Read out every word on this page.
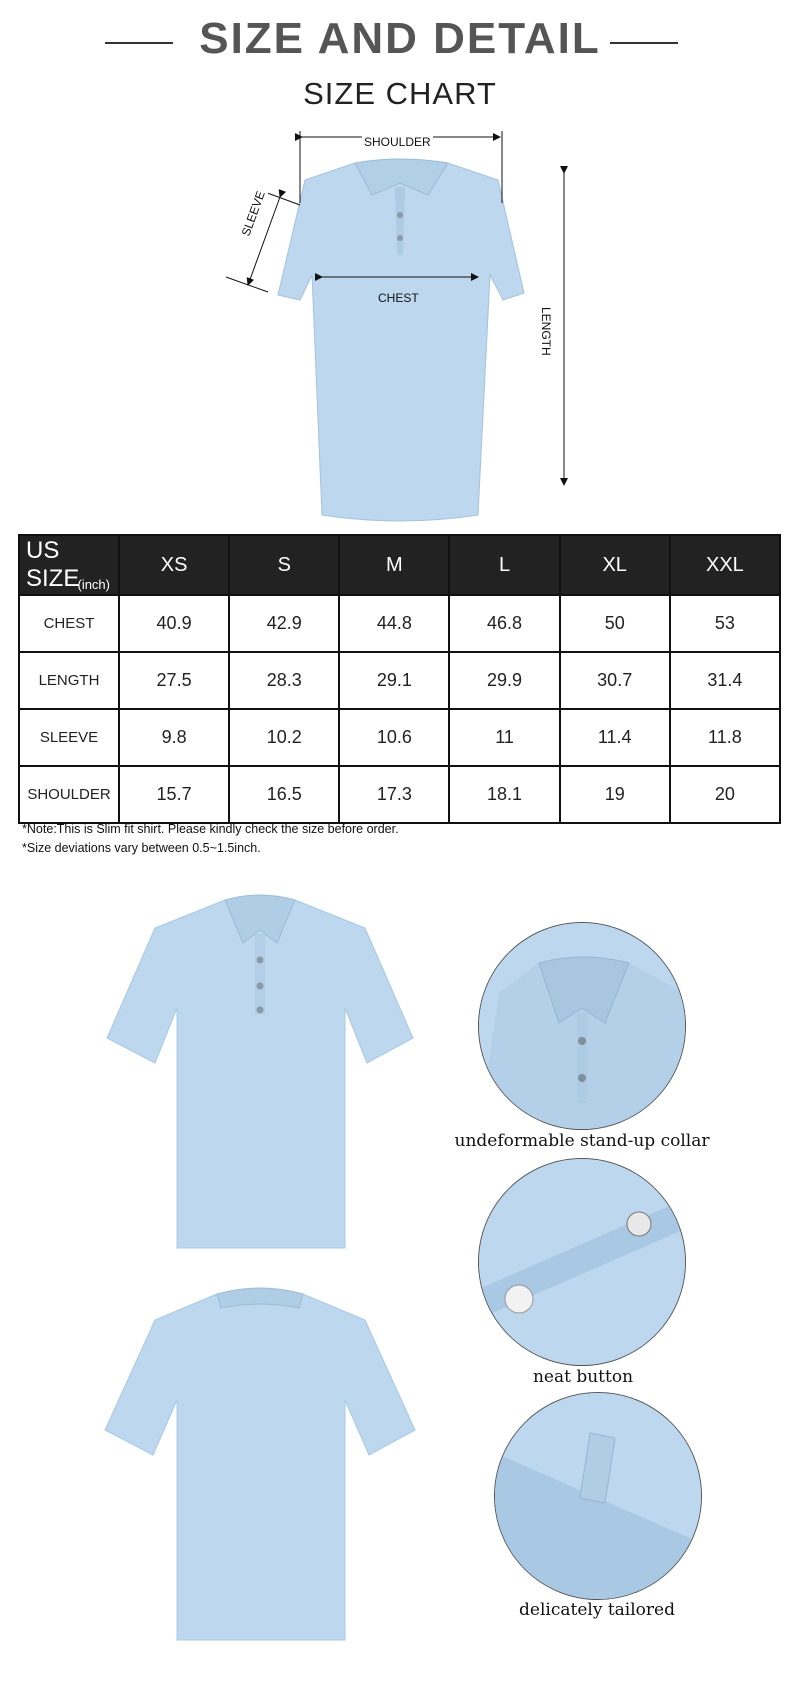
SIZE AND DETAIL
SIZE CHART
SHOULDER
CHEST
SLEEVE
LENGTH
US SIZE
(inch)	XS	S	M	L	XL	XXL
CHEST	40.9	42.9	44.8	46.8	50	53
LENGTH	27.5	28.3	29.1	29.9	30.7	31.4
SLEEVE	9.8	10.2	10.6	11	11.4	11.8
SHOULDER	15.7	16.5	17.3	18.1	19	20
*Note:This is Slim fit shirt. Please kindly check the size before order.
*Size deviations vary between 0.5~1.5inch.
undeformable stand-up collar
neat button
delicately tailored
